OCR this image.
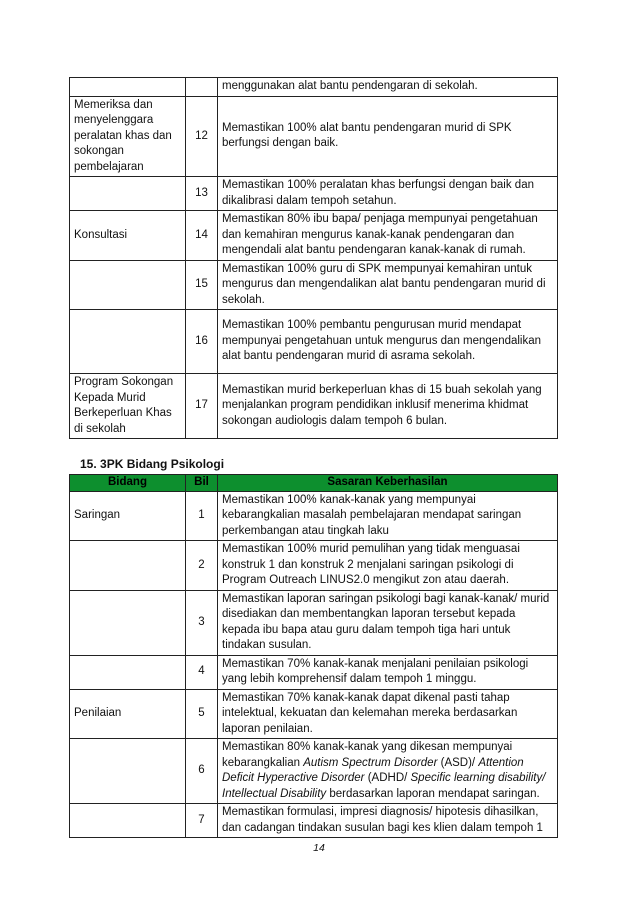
		menggunakan alat bantu pendengaran di sekolah.
Memeriksa dan menyelenggara peralatan khas dan sokongan pembelajaran	12	Memastikan 100% alat bantu pendengaran murid di SPK berfungsi dengan baik.
	13	Memastikan 100% peralatan khas berfungsi dengan baik dan dikalibrasi dalam tempoh setahun.
Konsultasi	14	Memastikan 80% ibu bapa/ penjaga mempunyai pengetahuan dan kemahiran mengurus kanak-kanak pendengaran dan mengendali alat bantu pendengaran kanak-kanak di rumah.
	15	Memastikan 100% guru di SPK mempunyai kemahiran untuk mengurus dan mengendalikan alat bantu pendengaran murid di sekolah.
	16	Memastikan 100% pembantu pengurusan murid mendapat mempunyai pengetahuan untuk mengurus dan mengendalikan alat bantu pendengaran murid di asrama sekolah.
Program Sokongan Kepada Murid Berkeperluan Khas di sekolah	17	Memastikan murid berkeperluan khas di 15 buah sekolah yang menjalankan program pendidikan inklusif menerima khidmat sokongan audiologis dalam tempoh 6 bulan.
15. 3PK Bidang Psikologi
Bidang	Bil	Sasaran Keberhasilan
Saringan	1	Memastikan 100% kanak-kanak yang mempunyai kebarangkalian masalah pembelajaran mendapat saringan perkembangan atau tingkah laku
	2	Memastikan 100% murid pemulihan yang tidak menguasai konstruk 1 dan konstruk 2 menjalani saringan psikologi di Program Outreach LINUS2.0 mengikut zon atau daerah.
	3	Memastikan laporan saringan psikologi bagi kanak-kanak/ murid disediakan dan membentangkan laporan tersebut kepada kepada ibu bapa atau guru dalam tempoh tiga hari untuk tindakan susulan.
	4	Memastikan 70% kanak-kanak menjalani penilaian psikologi yang lebih komprehensif dalam tempoh 1 minggu.
Penilaian	5	Memastikan 70% kanak-kanak dapat dikenal pasti tahap intelektual, kekuatan dan kelemahan mereka berdasarkan laporan penilaian.
	6	Memastikan 80% kanak-kanak yang dikesan mempunyai kebarangkalian Autism Spectrum Disorder (ASD)/ Attention Deficit Hyperactive Disorder (ADHD/ Specific learning disability/ Intellectual Disability berdasarkan laporan mendapat saringan.
	7	Memastikan formulasi, impresi diagnosis/ hipotesis dihasilkan, dan cadangan tindakan susulan bagi kes klien dalam tempoh 1
14
